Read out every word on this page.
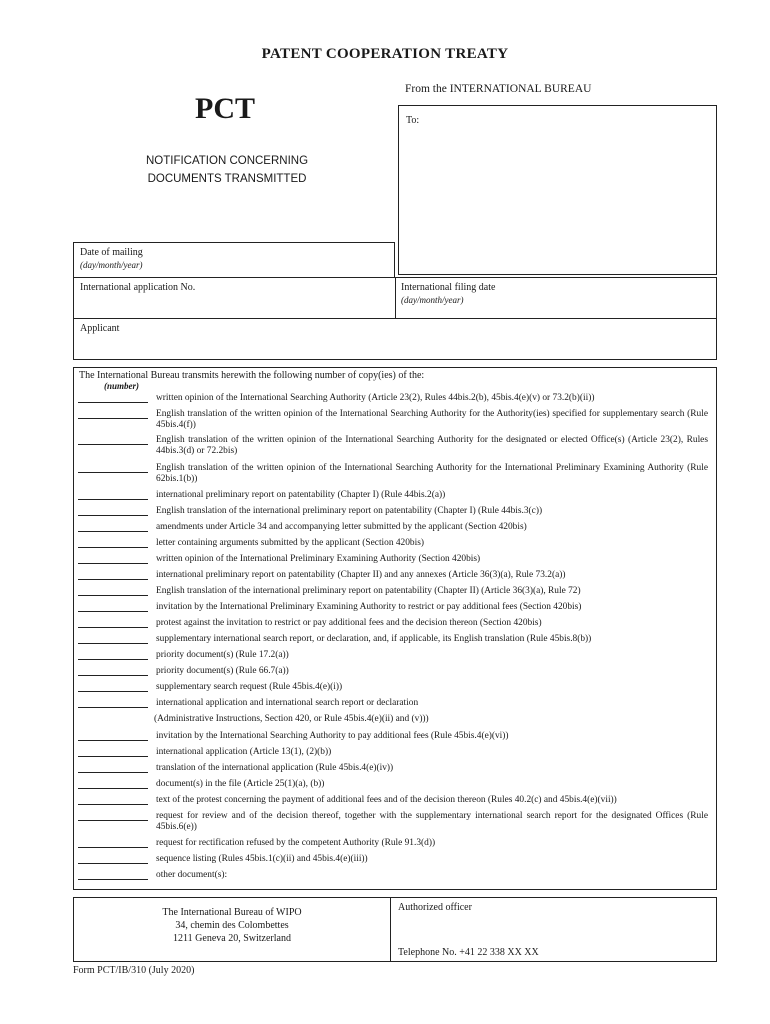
PATENT COOPERATION TREATY
PCT
NOTIFICATION CONCERNING
DOCUMENTS TRANSMITTED
From the INTERNATIONAL BUREAU
To:
Date of mailing
(day/month/year)
International application No.	International filing date
(day/month/year)
Applicant
The International Bureau transmits herewith the following number of copy(ies) of the:
(number)
written opinion of the International Searching Authority (Article 23(2), Rules 44bis.2(b), 45bis.4(e)(v) or 73.2(b)(ii))
English translation of the written opinion of the International Searching Authority for the Authority(ies) specified for supplementary search (Rule 45bis.4(f))
English translation of the written opinion of the International Searching Authority for the designated or elected Office(s) (Article 23(2), Rules 44bis.3(d) or 72.2bis)
English translation of the written opinion of the International Searching Authority for the International Preliminary Examining Authority (Rule 62bis.1(b))
international preliminary report on patentability (Chapter I) (Rule 44bis.2(a))
English translation of the international preliminary report on patentability (Chapter I) (Rule 44bis.3(c))
amendments under Article 34 and accompanying letter submitted by the applicant (Section 420bis)
letter containing arguments submitted by the applicant (Section 420bis)
written opinion of the International Preliminary Examining Authority (Section 420bis)
international preliminary report on patentability (Chapter II) and any annexes (Article 36(3)(a), Rule 73.2(a))
English translation of the international preliminary report on patentability (Chapter II) (Article 36(3)(a), Rule 72)
invitation by the International Preliminary Examining Authority to restrict or pay additional fees (Section 420bis)
protest against the invitation to restrict or pay additional fees and the decision thereon (Section 420bis)
supplementary international search report, or declaration, and, if applicable, its English translation (Rule 45bis.8(b))
priority document(s) (Rule 17.2(a))
priority document(s) (Rule 66.7(a))
supplementary search request (Rule 45bis.4(e)(i))
international application and international search report or declaration
(Administrative Instructions, Section 420, or Rule 45bis.4(e)(ii) and (v)))
invitation by the International Searching Authority to pay additional fees (Rule 45bis.4(e)(vi))
international application (Article 13(1), (2)(b))
translation of the international application (Rule 45bis.4(e)(iv))
document(s) in the file (Article 25(1)(a), (b))
text of the protest concerning the payment of additional fees and of the decision thereon (Rules 40.2(c) and 45bis.4(e)(vii))
request for review and of the decision thereof, together with the supplementary international search report for the designated Offices (Rule 45bis.6(e))
request for rectification refused by the competent Authority (Rule 91.3(d))
sequence listing (Rules 45bis.1(c)(ii) and 45bis.4(e)(iii))
other document(s):
Authorized officer
Telephone No. +41 22 338 XX XX
The International Bureau of WIPO
34, chemin des Colombettes
1211 Geneva 20, Switzerland
Form PCT/IB/310 (July 2020)
